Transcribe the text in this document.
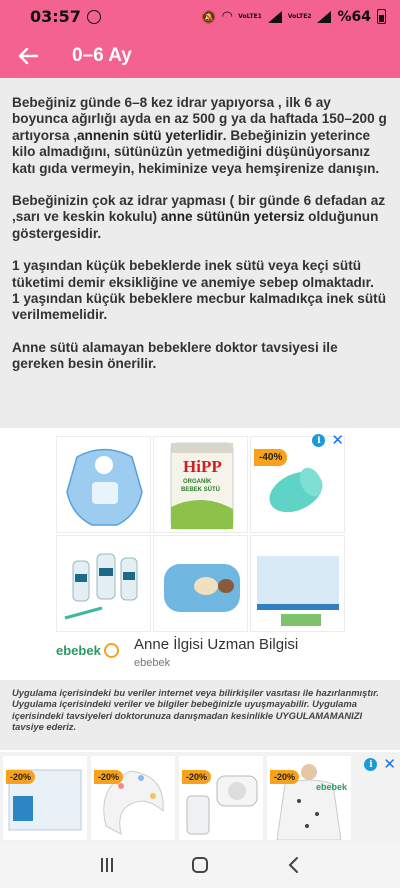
03:57	🔕 ◠ VoLTE1	VoLTE2 %64
0–6 Ay

Bebeğiniz günde 6–8 kez idrar yapıyorsa , ilk 6 ay boyunca ağırlığı ayda en az 500 g ya da haftada 150–200 g artıyorsa ,annenin sütü yeterlidir. Bebeğinizin yeterince kilo almadığını, sütünüzün yetmediğini düşünüyorsanız katı gıda vermeyin, hekiminize veya hemşirenize danışın.

Bebeğinizin çok az idrar yapması ( bir günde 6 defadan az ,sarı ve keskin kokulu) anne sütünün yetersiz olduğunun göstergesidir.

1 yaşından küçük bebeklerde inek sütü veya keçi sütü tüketimi demir eksikliğine ve anemiye sebep olmaktadır.
1 yaşından küçük bebeklere mecbur kalmadıkça inek sütü verilmemelidir.

Anne sütü alamayan bebeklere doktor tavsiyesi ile gereken besin önerilir.

HiPP
ORGANİK
BEBEK SÜTÜ
-40%
i ✕
ebebek Anne İlgisi Uzman Bilgisi
ebebek
Uygulama içerisindeki bu veriler internet veya bilirkişiler vasıtası ile hazırlanmıştır. Uygulama içerisindeki veriler ve bilgiler bebeğinizle uyuşmayabilir. Uygulama içerisindeki tavsiyeleri doktorunuza danışmadan kesinlikle UYGULAMAMANIZI tavsiye ederiz.
-20%	-20%	-20%	-20%
ebebek
i ✕
